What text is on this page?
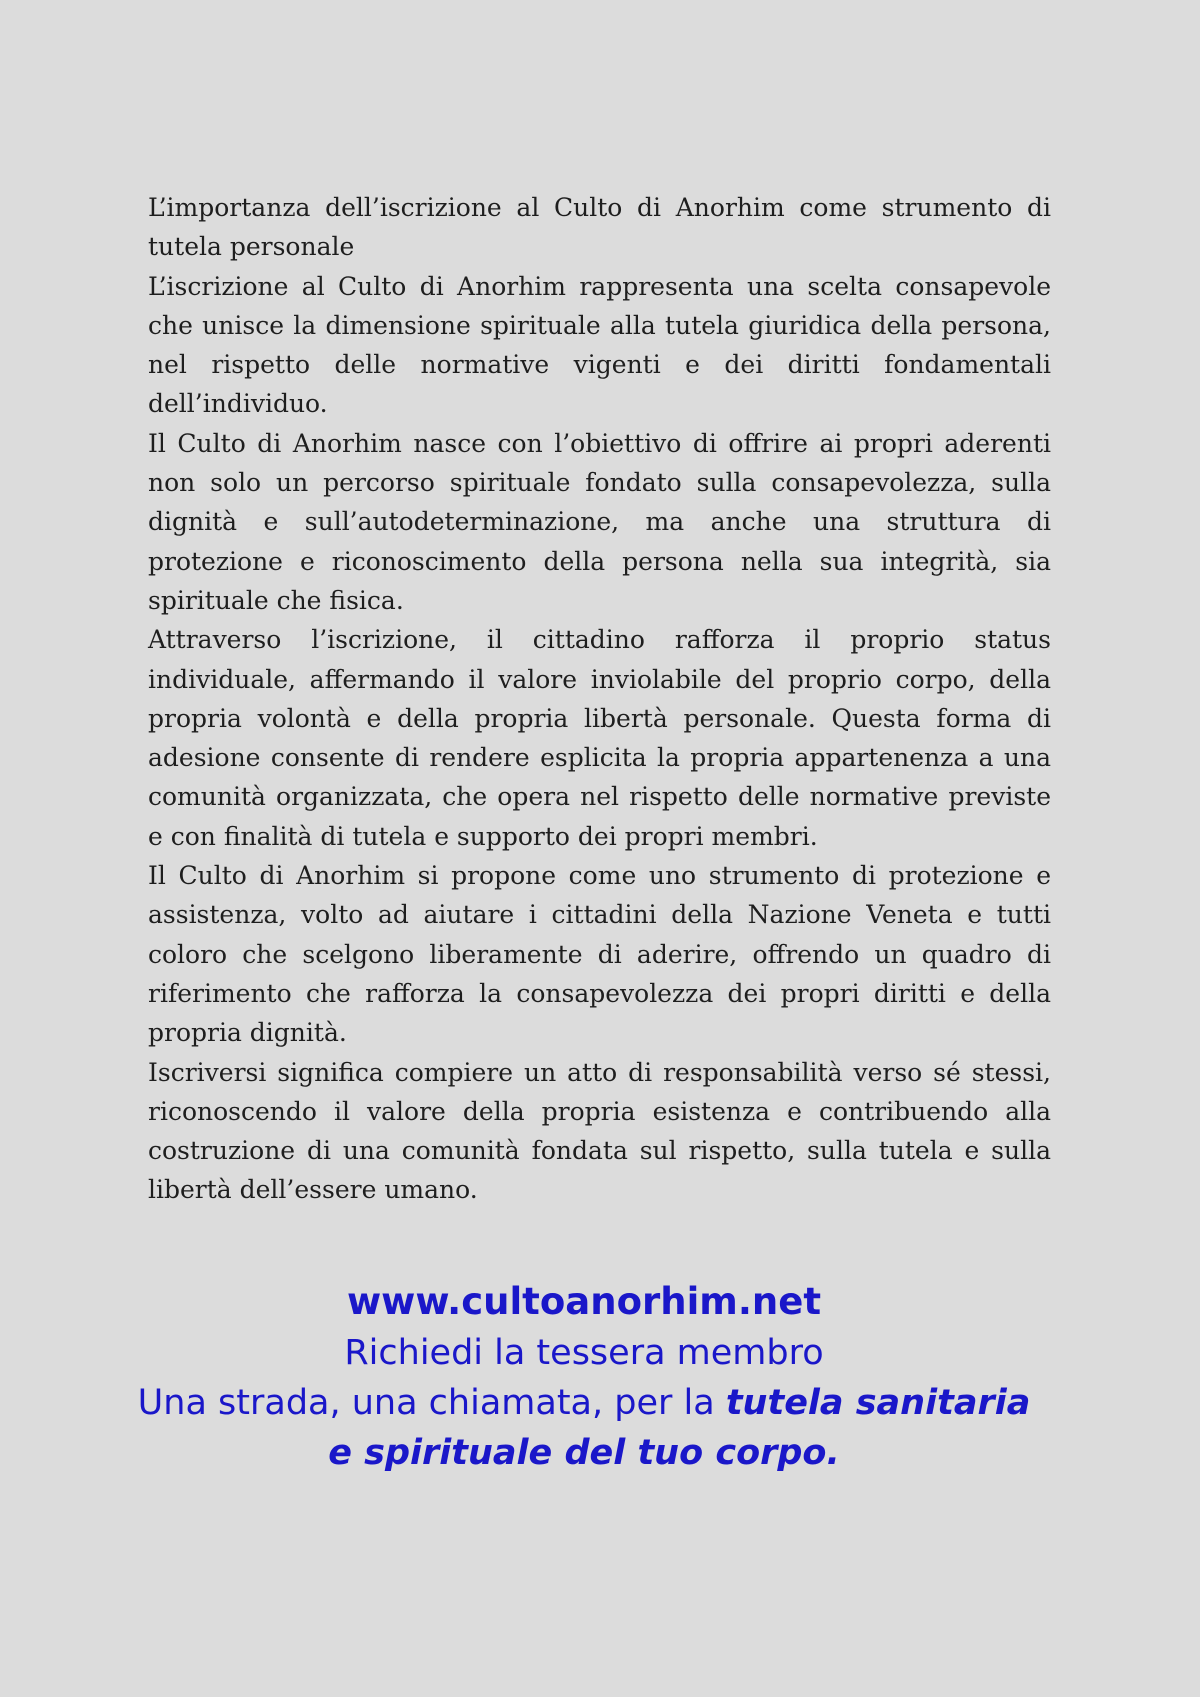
L’importanza dell’iscrizione al Culto di Anorhim come strumento di tutela personale

L’iscrizione al Culto di Anorhim rappresenta una scelta consapevole che unisce la dimensione spirituale alla tutela giuridica della persona, nel rispetto delle normative vigenti e dei diritti fondamentali dell’individuo.

Il Culto di Anorhim nasce con l’obiettivo di offrire ai propri aderenti non solo un percorso spirituale fondato sulla consapevolezza, sulla dignità e sull’autodeterminazione, ma anche una struttura di protezione e riconoscimento della persona nella sua integrità, sia spirituale che fisica.

Attraverso l’iscrizione, il cittadino rafforza il proprio status individuale, affermando il valore inviolabile del proprio corpo, della propria volontà e della propria libertà personale. Questa forma di adesione consente di rendere esplicita la propria appartenenza a una comunità organizzata, che opera nel rispetto delle normative previste e con finalità di tutela e supporto dei propri membri.

Il Culto di Anorhim si propone come uno strumento di protezione e assistenza, volto ad aiutare i cittadini della Nazione Veneta e tutti coloro che scelgono liberamente di aderire, offrendo un quadro di riferimento che rafforza la consapevolezza dei propri diritti e della propria dignità.

Iscriversi significa compiere un atto di responsabilità verso sé stessi, riconoscendo il valore della propria esistenza e contribuendo alla costruzione di una comunità fondata sul rispetto, sulla tutela e sulla libertà dell’essere umano.

www.cultoanorhim.net

Richiedi la tessera membro

Una strada, una chiamata, per la tutela sanitaria

e spirituale del tuo corpo.
